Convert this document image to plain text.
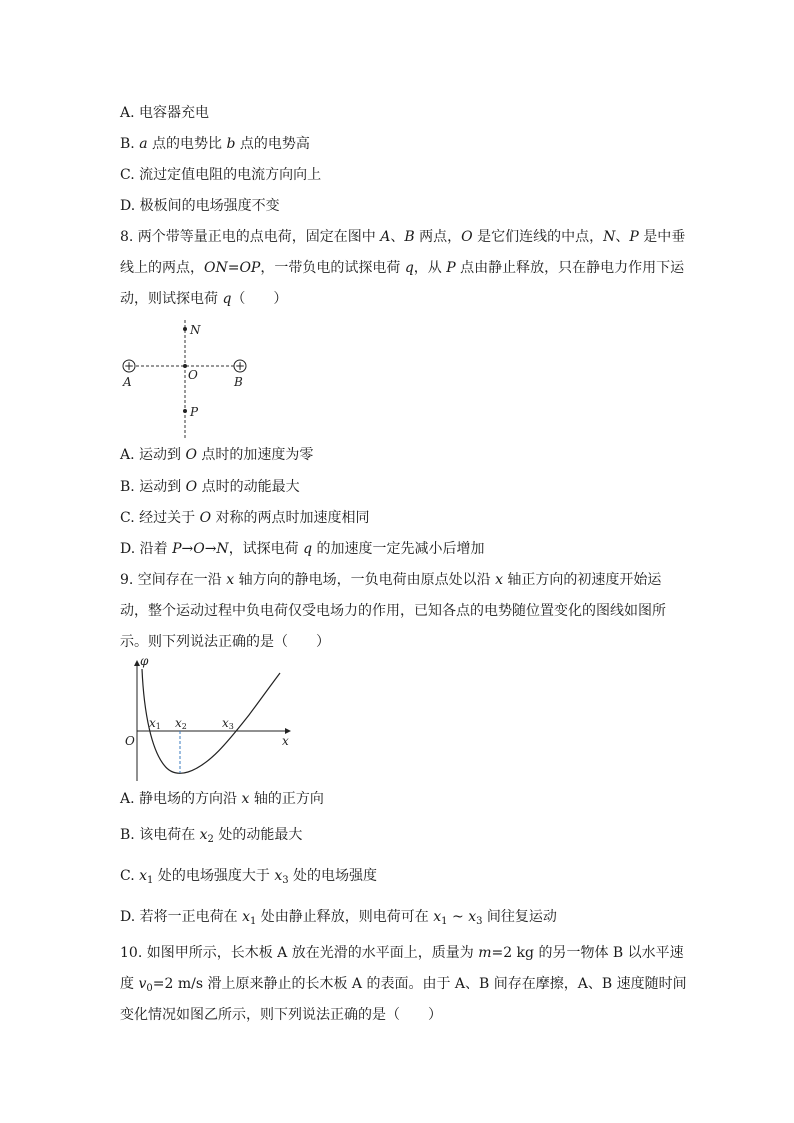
A. 电容器充电
B. a 点的电势比 b 点的电势高
C. 流过定值电阻的电流方向向上
D. 极板间的电场强度不变
8. 两个带等量正电的点电荷，固定在图中 A、B 两点，O 是它们连线的中点，N、P 是中垂
线上的两点，ON=OP，一带负电的试探电荷 q，从 P 点由静止释放，只在静电力作用下运
动，则试探电荷 q（　　）
+	+
N
O
P
A	B
A. 运动到 O 点时的加速度为零
B. 运动到 O 点时的动能最大
C. 经过关于 O 对称的两点时加速度相同
D. 沿着 P→O→N，试探电荷 q 的加速度一定先减小后增加
9. 空间存在一沿 x 轴方向的静电场，一负电荷由原点处以沿 x 轴正方向的初速度开始运
动，整个运动过程中负电荷仅受电场力的作用，已知各点的电势随位置变化的图线如图所
示。则下列说法正确的是（　　）
φ
O	x
x1 x2	x3
A. 静电场的方向沿 x 轴的正方向
B. 该电荷在 $x_2$ 处的动能最大
C. $x_1$ 处的电场强度大于 $x_3$ 处的电场强度
D. 若将一正电荷在 $x_1$ 处由静止释放，则电荷可在 $x_1$ ~ $x_3$ 间往复运动
10. 如图甲所示，长木板 A 放在光滑的水平面上，质量为 m=2 kg 的另一物体 B 以水平速
度 $v_0=2$ m/s 滑上原来静止的长木板 A 的表面。由于 A、B 间存在摩擦，A、B 速度随时间
变化情况如图乙所示，则下列说法正确的是（　　）
